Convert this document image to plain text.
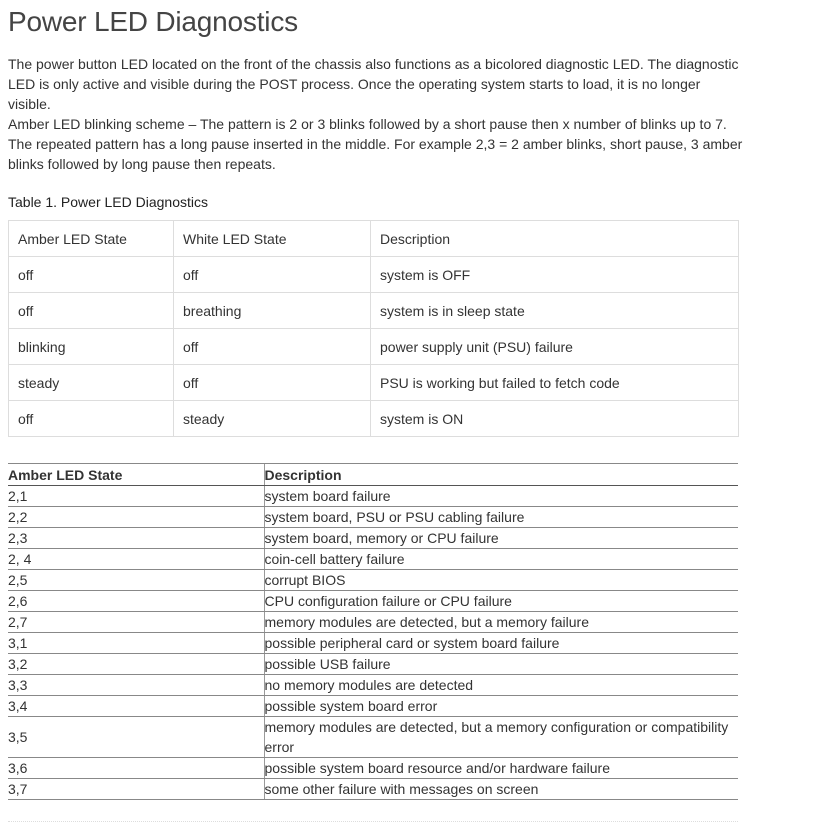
Power LED Diagnostics

The power button LED located on the front of the chassis also functions as a bicolored diagnostic LED. The diagnostic LED is only active and visible during the POST process. Once the operating system starts to load, it is no longer visible.

Amber LED blinking scheme – The pattern is 2 or 3 blinks followed by a short pause then x number of blinks up to 7. The repeated pattern has a long pause inserted in the middle. For example 2,3 = 2 amber blinks, short pause, 3 amber blinks followed by long pause then repeats.

Table 1. Power LED Diagnostics

Amber LED State	White LED State	Description
off	off	system is OFF
off	breathing	system is in sleep state
blinking	off	power supply unit (PSU) failure
steady	off	PSU is working but failed to fetch code
off	steady	system is ON
Amber LED State	Description
2,1	system board failure
2,2	system board, PSU or PSU cabling failure
2,3	system board, memory or CPU failure
2, 4	coin-cell battery failure
2,5	corrupt BIOS
2,6	CPU configuration failure or CPU failure
2,7	memory modules are detected, but a memory failure
3,1	possible peripheral card or system board failure
3,2	possible USB failure
3,3	no memory modules are detected
3,4	possible system board error
3,5	memory modules are detected, but a memory configuration or compatibility error
3,6	possible system board resource and/or hardware failure
3,7	some other failure with messages on screen
